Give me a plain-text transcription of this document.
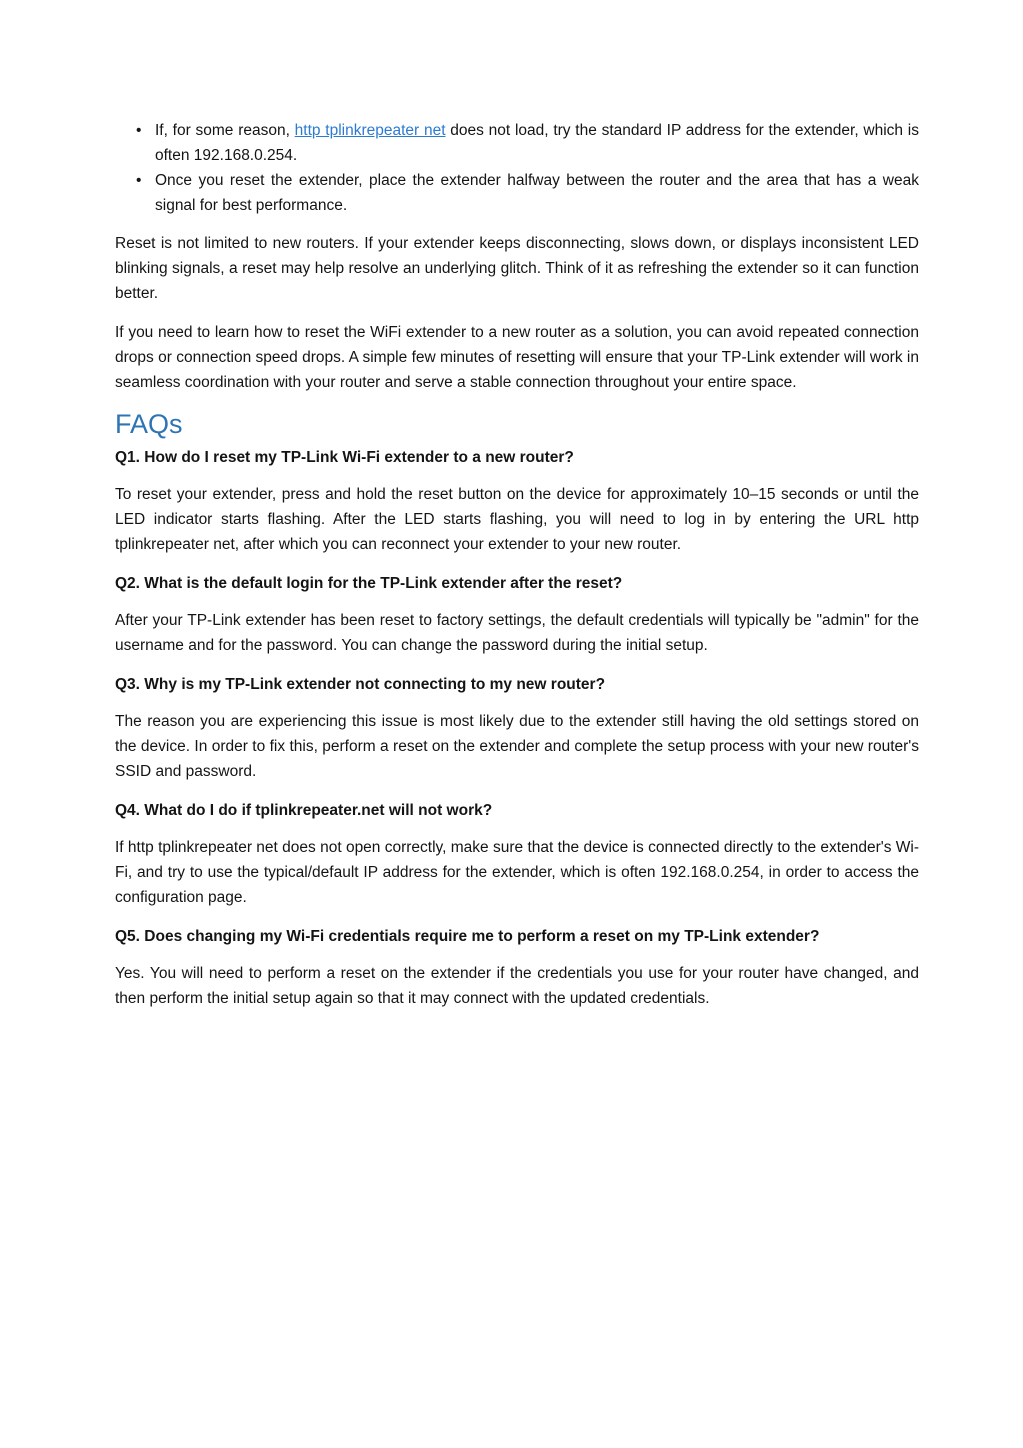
• If, for some reason, http tplinkrepeater net does not load, try the standard IP address for the extender, which is often 192.168.0.254.
• Once you reset the extender, place the extender halfway between the router and the area that has a weak signal for best performance.

Reset is not limited to new routers. If your extender keeps disconnecting, slows down, or displays inconsistent LED blinking signals, a reset may help resolve an underlying glitch. Think of it as refreshing the extender so it can function better.

If you need to learn how to reset the WiFi extender to a new router as a solution, you can avoid repeated connection drops or connection speed drops. A simple few minutes of resetting will ensure that your TP-Link extender will work in seamless coordination with your router and serve a stable connection throughout your entire space.

FAQs

Q1. How do I reset my TP-Link Wi-Fi extender to a new router?

To reset your extender, press and hold the reset button on the device for approximately 10–15 seconds or until the LED indicator starts flashing. After the LED starts flashing, you will need to log in by entering the URL http tplinkrepeater net, after which you can reconnect your extender to your new router.

Q2. What is the default login for the TP-Link extender after the reset?

After your TP-Link extender has been reset to factory settings, the default credentials will typically be "admin" for the username and for the password. You can change the password during the initial setup.

Q3. Why is my TP-Link extender not connecting to my new router?

The reason you are experiencing this issue is most likely due to the extender still having the old settings stored on the device. In order to fix this, perform a reset on the extender and complete the setup process with your new router's SSID and password.

Q4. What do I do if tplinkrepeater.net will not work?

If http tplinkrepeater net does not open correctly, make sure that the device is connected directly to the extender's Wi-Fi, and try to use the typical/default IP address for the extender, which is often 192.168.0.254, in order to access the configuration page.

Q5. Does changing my Wi-Fi credentials require me to perform a reset on my TP-Link extender?

Yes. You will need to perform a reset on the extender if the credentials you use for your router have changed, and then perform the initial setup again so that it may connect with the updated credentials.
